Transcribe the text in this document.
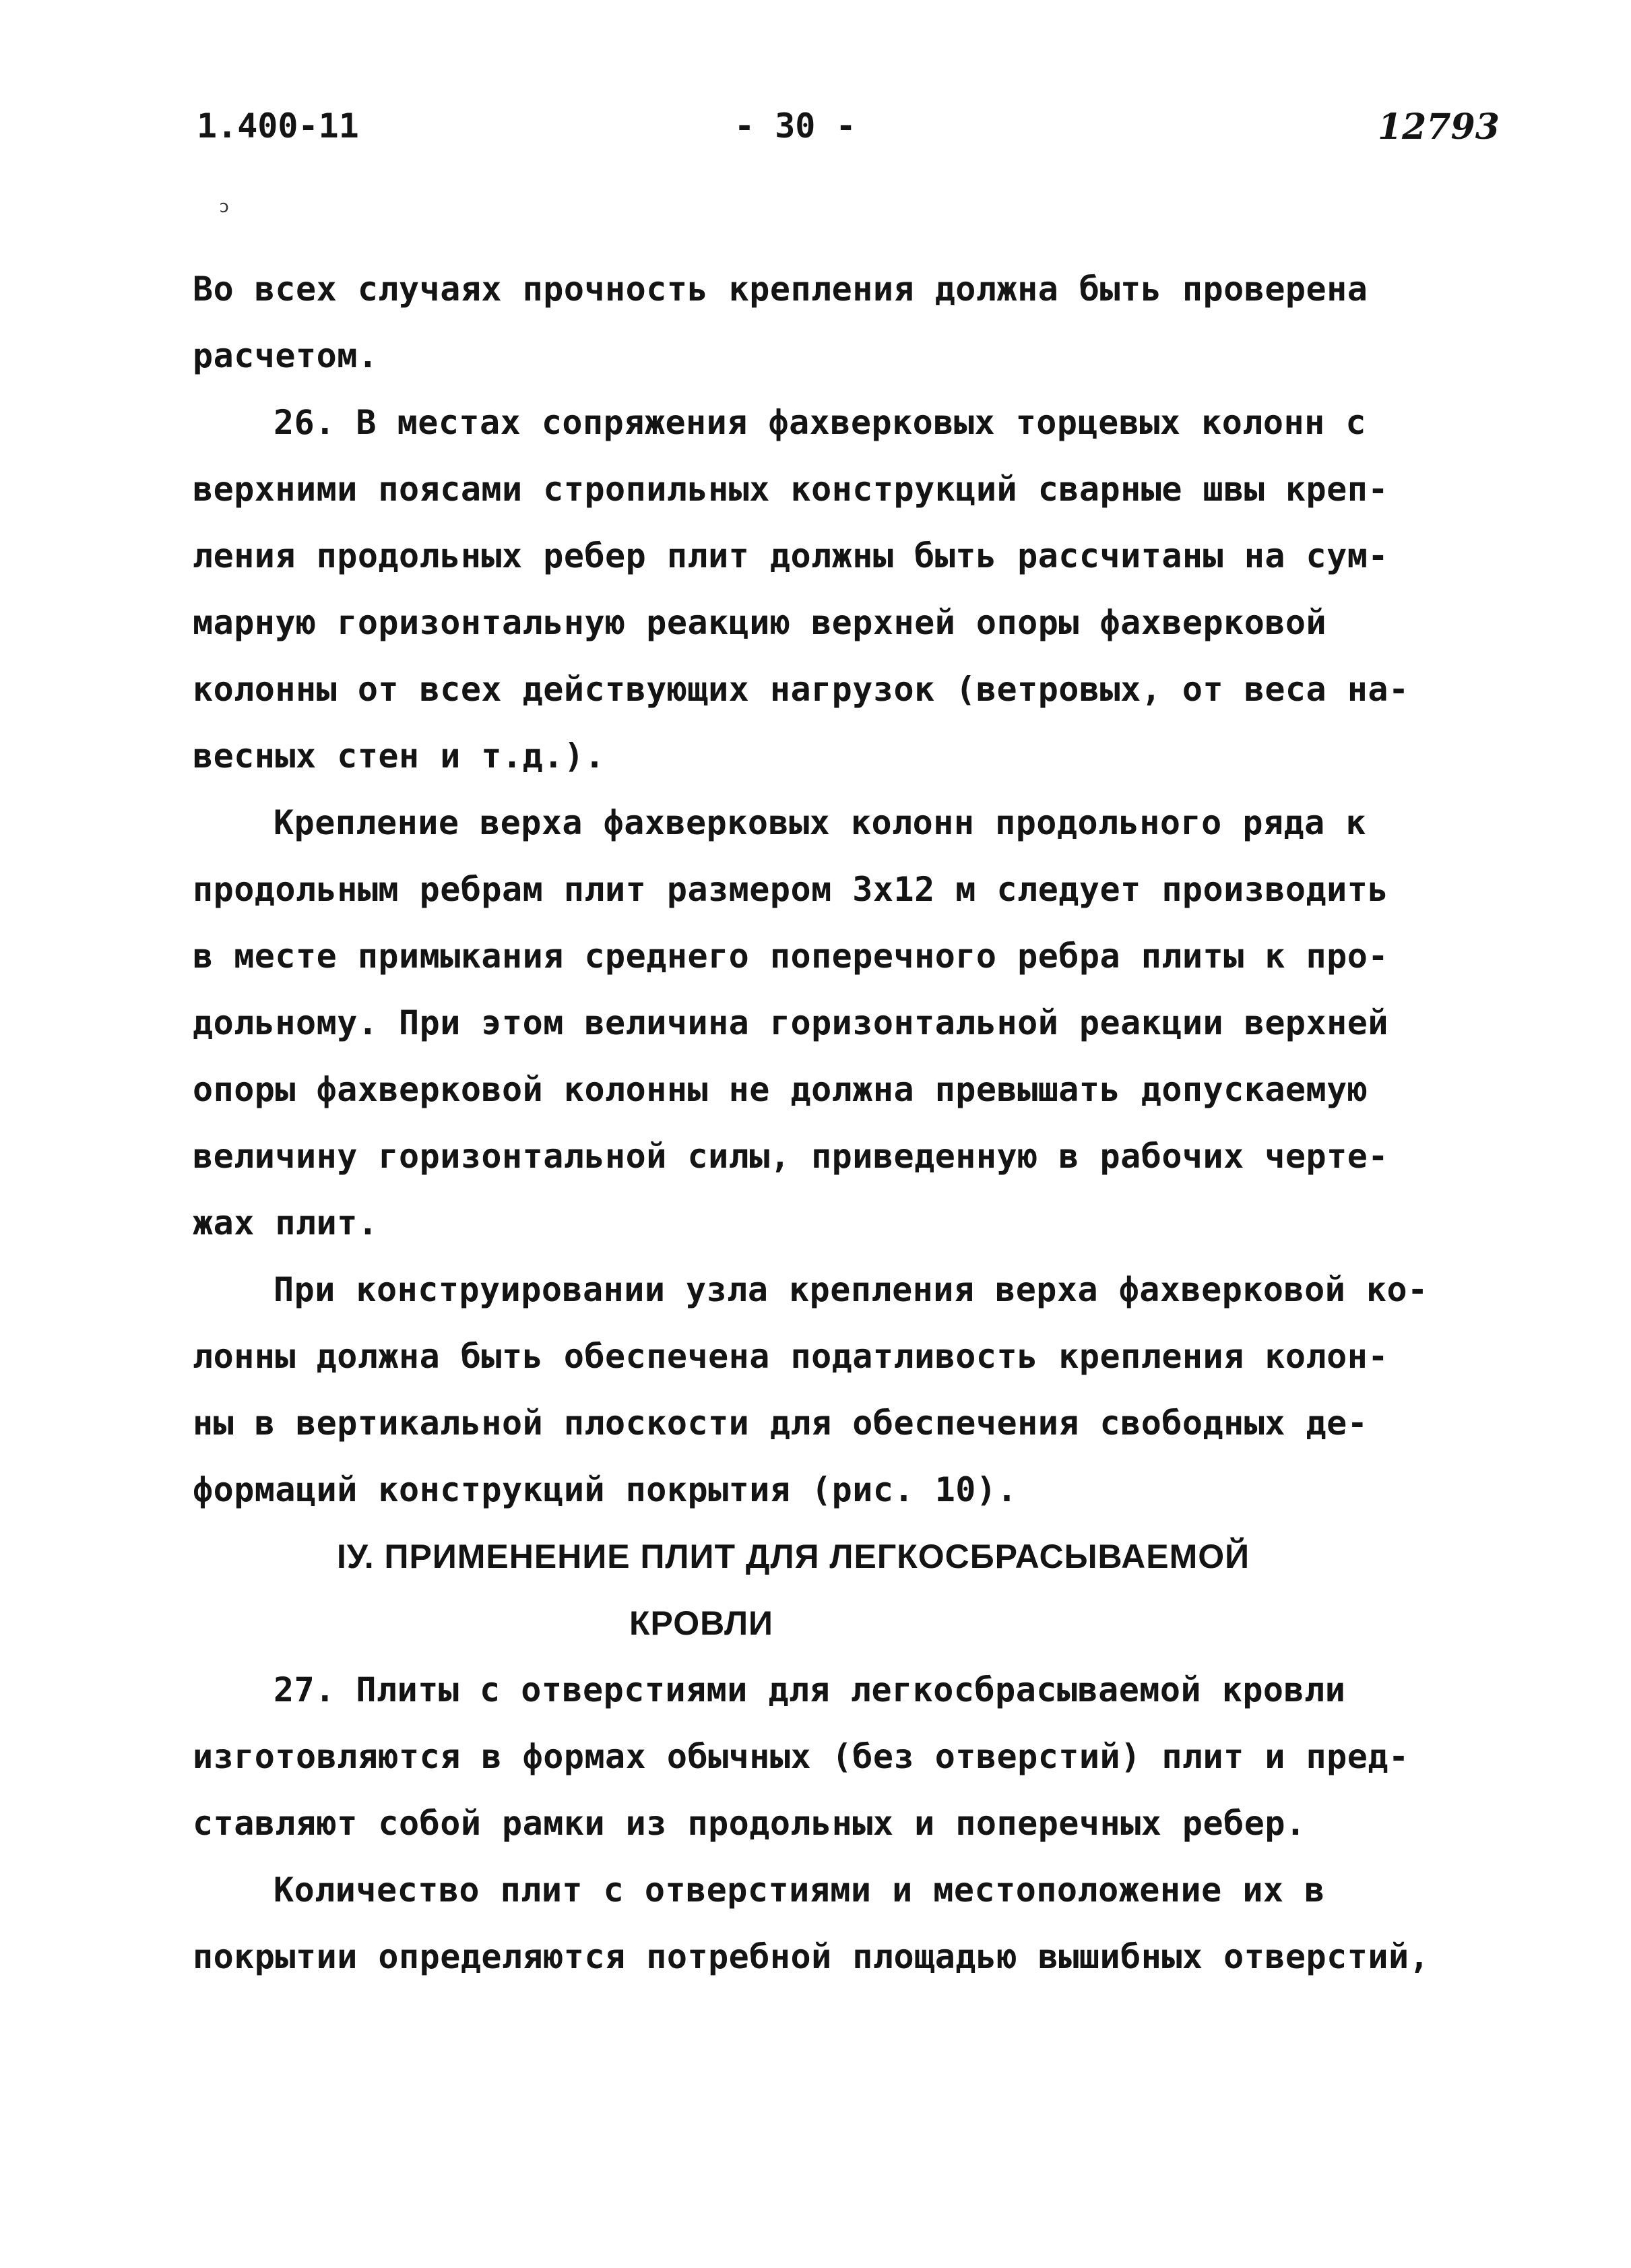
1.400-11	- 30 -	12793
ɔ
Во всех случаях прочность крепления должна быть проверена
расчетом.
26. В местах сопряжения фахверковых торцевых колонн с
верхними поясами стропильных конструкций сварные швы креп-
ления продольных ребер плит должны быть рассчитаны на сум-
марную горизонтальную реакцию верхней опоры фахверковой
колонны от всех действующих нагрузок (ветровых, от веса на-
весных стен и т.д.).
Крепление верха фахверковых колонн продольного ряда к
продольным ребрам плит размером 3х12 м следует производить
в месте примыкания среднего поперечного ребра плиты к про-
дольному. При этом величина горизонтальной реакции верхней
опоры фахверковой колонны не должна превышать допускаемую
величину горизонтальной силы, приведенную в рабочих черте-
жах плит.
При конструировании узла крепления верха фахверковой ко-
лонны должна быть обеспечена податливость крепления колон-
ны в вертикальной плоскости для обеспечения свободных де-
формаций конструкций покрытия (рис. 10).
IУ. ПРИМЕНЕНИЕ ПЛИТ ДЛЯ ЛЕГКОСБРАСЫВАЕМОЙ
КРОВЛИ
27. Плиты с отверстиями для легкосбрасываемой кровли
изготовляются в формах обычных (без отверстий) плит и пред-
ставляют собой рамки из продольных и поперечных ребер.
Количество плит с отверстиями и местоположение их в
покрытии определяются потребной площадью вышибных отверстий,
